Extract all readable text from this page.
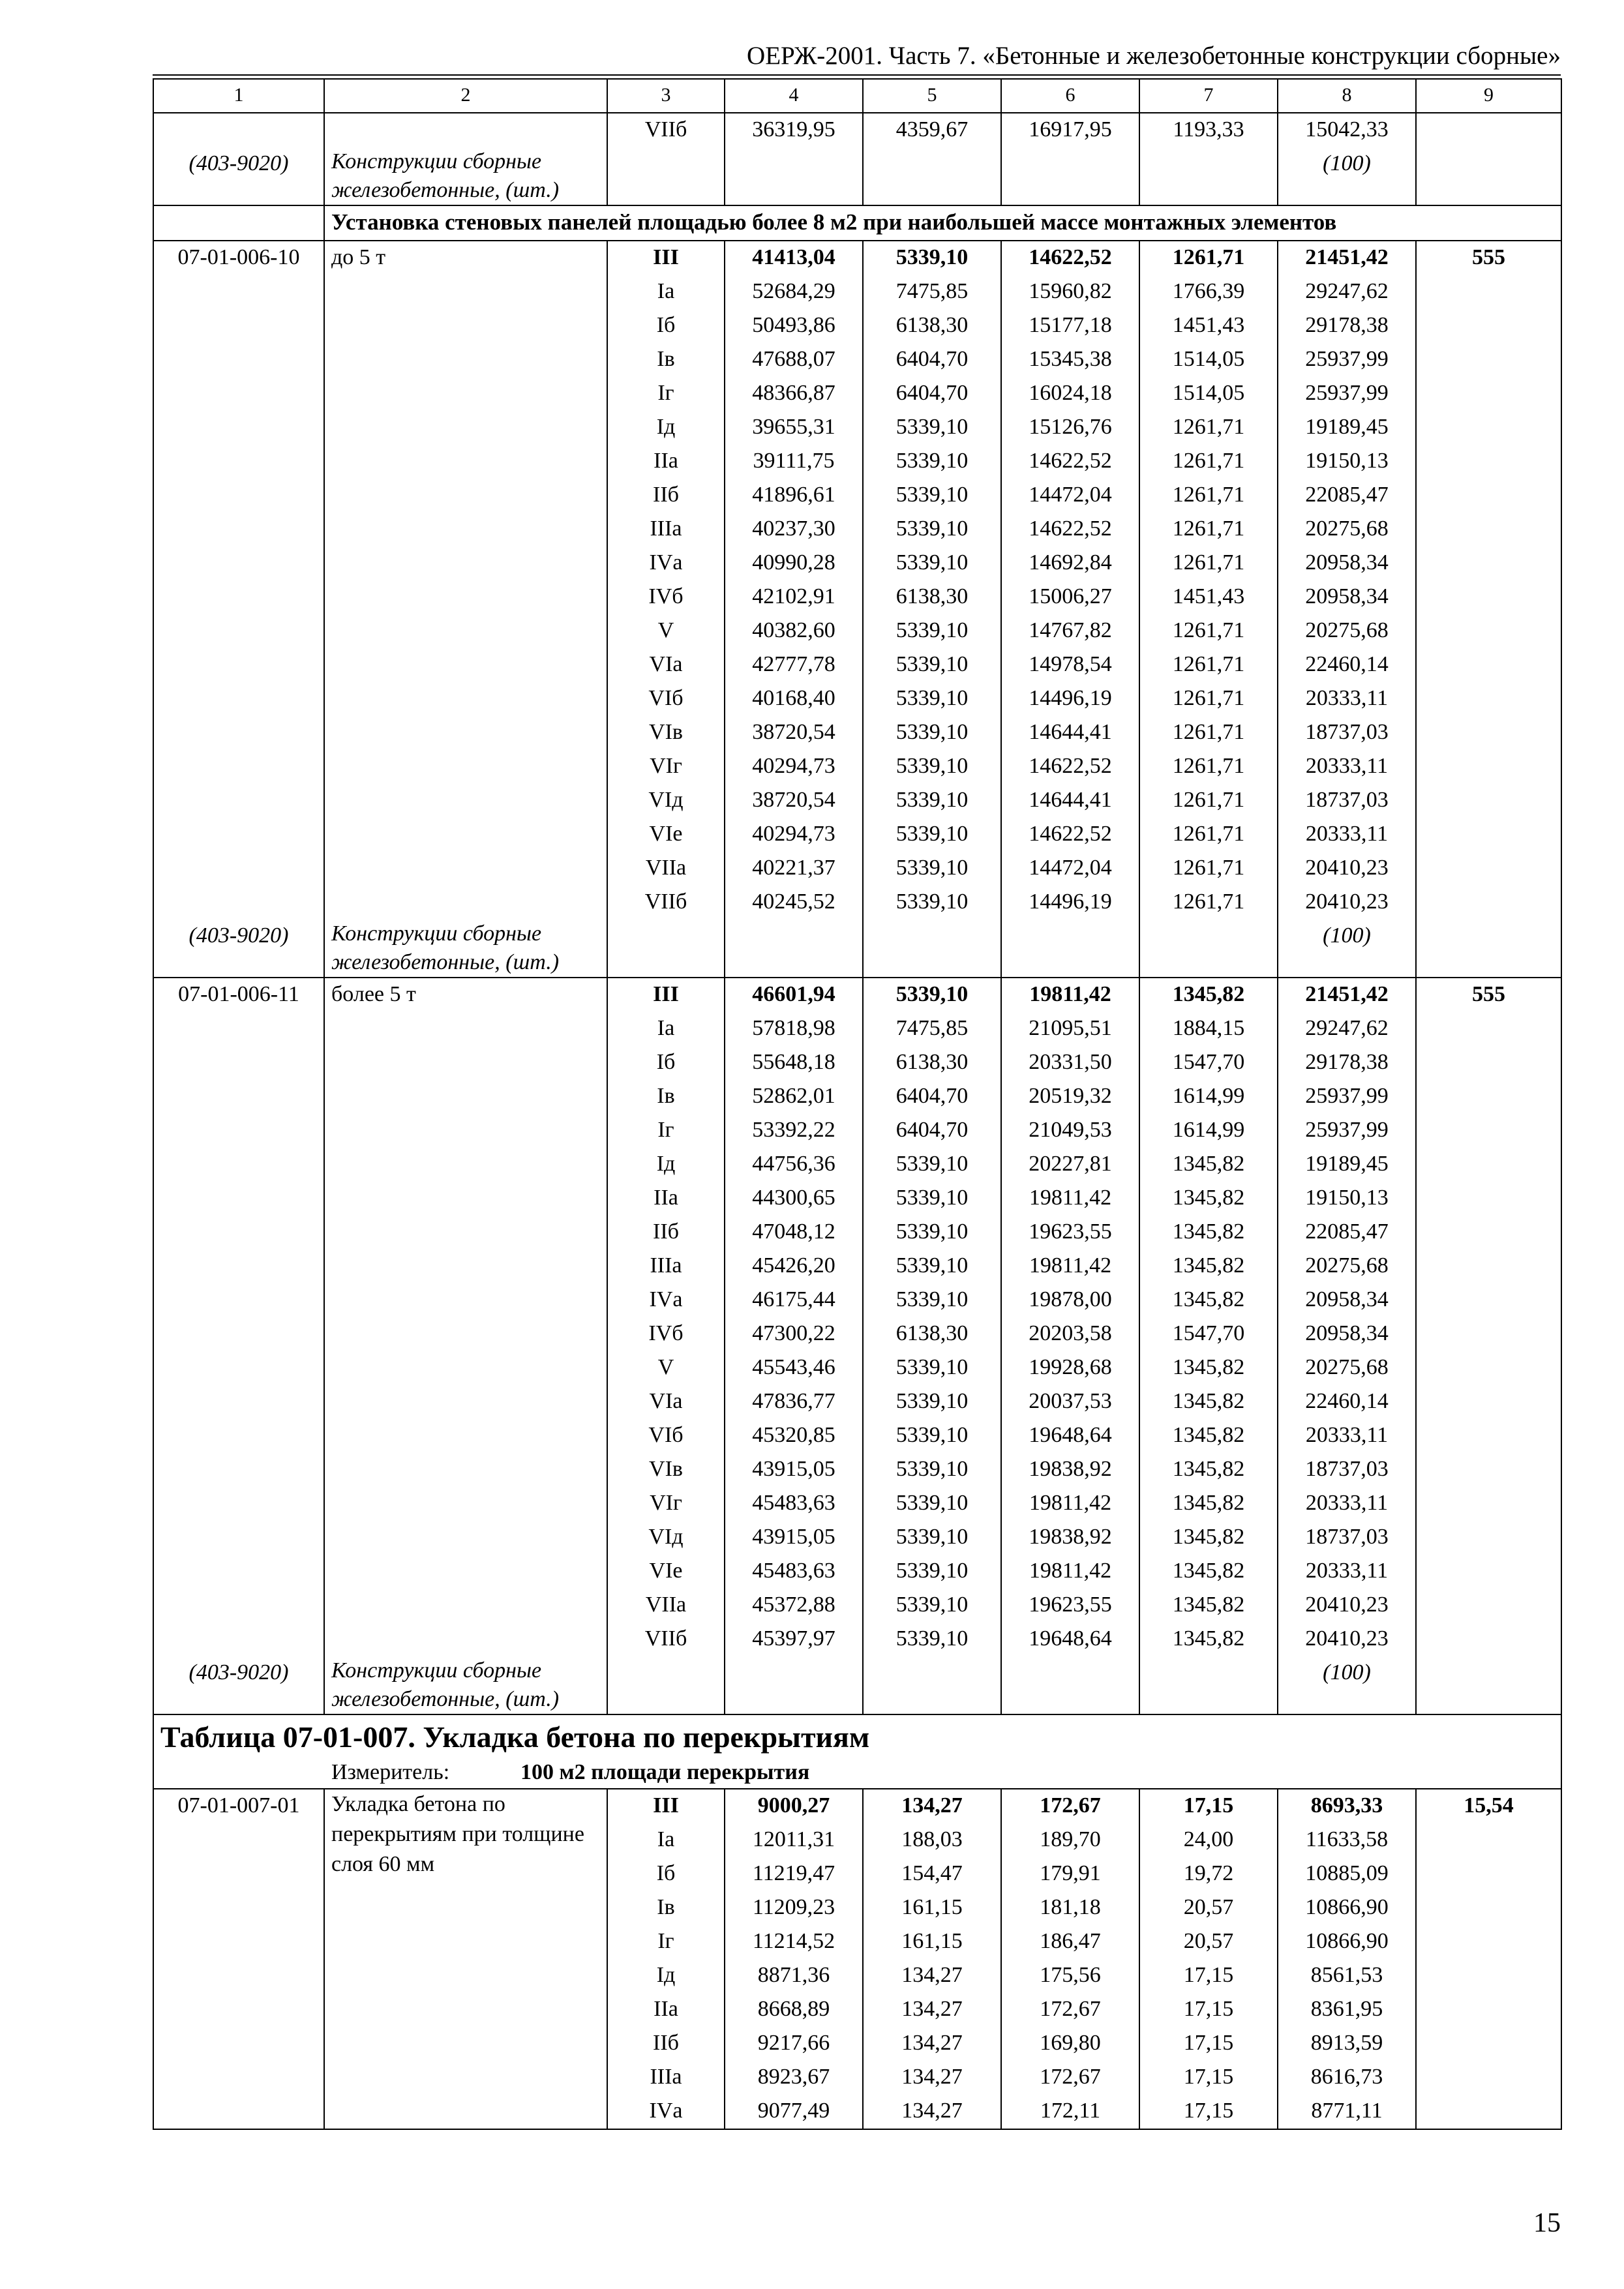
ОЕРЖ-2001. Часть 7. «Бетонные и железобетонные конструкции сборные»
1	2	3	4	5	6	7	8	9
		VIIб	36319,95	4359,67	16917,95	1193,33	15042,33	
(403-9020)	Конструкции сборные железобетонные, (шт.)						(100)	
	Установка стеновых панелей площадью более 8 м2 при наибольшей массе монтажных элементов							
07-01-006-10	до 5 т	III	41413,04	5339,10	14622,52	1261,71	21451,42	555
		Iа	52684,29	7475,85	15960,82	1766,39	29247,62	
		Iб	50493,86	6138,30	15177,18	1451,43	29178,38	
		Iв	47688,07	6404,70	15345,38	1514,05	25937,99	
		Iг	48366,87	6404,70	16024,18	1514,05	25937,99	
		Iд	39655,31	5339,10	15126,76	1261,71	19189,45	
		IIа	39111,75	5339,10	14622,52	1261,71	19150,13	
		IIб	41896,61	5339,10	14472,04	1261,71	22085,47	
		IIIа	40237,30	5339,10	14622,52	1261,71	20275,68	
		IVа	40990,28	5339,10	14692,84	1261,71	20958,34	
		IVб	42102,91	6138,30	15006,27	1451,43	20958,34	
		V	40382,60	5339,10	14767,82	1261,71	20275,68	
		VIа	42777,78	5339,10	14978,54	1261,71	22460,14	
		VIб	40168,40	5339,10	14496,19	1261,71	20333,11	
		VIв	38720,54	5339,10	14644,41	1261,71	18737,03	
		VIг	40294,73	5339,10	14622,52	1261,71	20333,11	
		VIд	38720,54	5339,10	14644,41	1261,71	18737,03	
		VIе	40294,73	5339,10	14622,52	1261,71	20333,11	
		VIIа	40221,37	5339,10	14472,04	1261,71	20410,23	
		VIIб	40245,52	5339,10	14496,19	1261,71	20410,23	
(403-9020)	Конструкции сборные железобетонные, (шт.)						(100)	
07-01-006-11	более 5 т	III	46601,94	5339,10	19811,42	1345,82	21451,42	555
		Iа	57818,98	7475,85	21095,51	1884,15	29247,62	
		Iб	55648,18	6138,30	20331,50	1547,70	29178,38	
		Iв	52862,01	6404,70	20519,32	1614,99	25937,99	
		Iг	53392,22	6404,70	21049,53	1614,99	25937,99	
		Iд	44756,36	5339,10	20227,81	1345,82	19189,45	
		IIа	44300,65	5339,10	19811,42	1345,82	19150,13	
		IIб	47048,12	5339,10	19623,55	1345,82	22085,47	
		IIIа	45426,20	5339,10	19811,42	1345,82	20275,68	
		IVа	46175,44	5339,10	19878,00	1345,82	20958,34	
		IVб	47300,22	6138,30	20203,58	1547,70	20958,34	
		V	45543,46	5339,10	19928,68	1345,82	20275,68	
		VIа	47836,77	5339,10	20037,53	1345,82	22460,14	
		VIб	45320,85	5339,10	19648,64	1345,82	20333,11	
		VIв	43915,05	5339,10	19838,92	1345,82	18737,03	
		VIг	45483,63	5339,10	19811,42	1345,82	20333,11	
		VIд	43915,05	5339,10	19838,92	1345,82	18737,03	
		VIе	45483,63	5339,10	19811,42	1345,82	20333,11	
		VIIа	45372,88	5339,10	19623,55	1345,82	20410,23	
		VIIб	45397,97	5339,10	19648,64	1345,82	20410,23	
(403-9020)	Конструкции сборные железобетонные, (шт.)						(100)	
Таблица 07-01-007. Укладка бетона по перекрытиям								
Измеритель: 100 м2 площади перекрытия								
07-01-007-01	Укладка бетона по перекрытиям при толщине слоя 60 мм	III	9000,27	134,27	172,67	17,15	8693,33	15,54
		Iа	12011,31	188,03	189,70	24,00	11633,58	
		Iб	11219,47	154,47	179,91	19,72	10885,09	
		Iв	11209,23	161,15	181,18	20,57	10866,90	
		Iг	11214,52	161,15	186,47	20,57	10866,90	
		Iд	8871,36	134,27	175,56	17,15	8561,53	
		IIа	8668,89	134,27	172,67	17,15	8361,95	
		IIб	9217,66	134,27	169,80	17,15	8913,59	
		IIIа	8923,67	134,27	172,67	17,15	8616,73	
		IVа	9077,49	134,27	172,11	17,15	8771,11	
15
